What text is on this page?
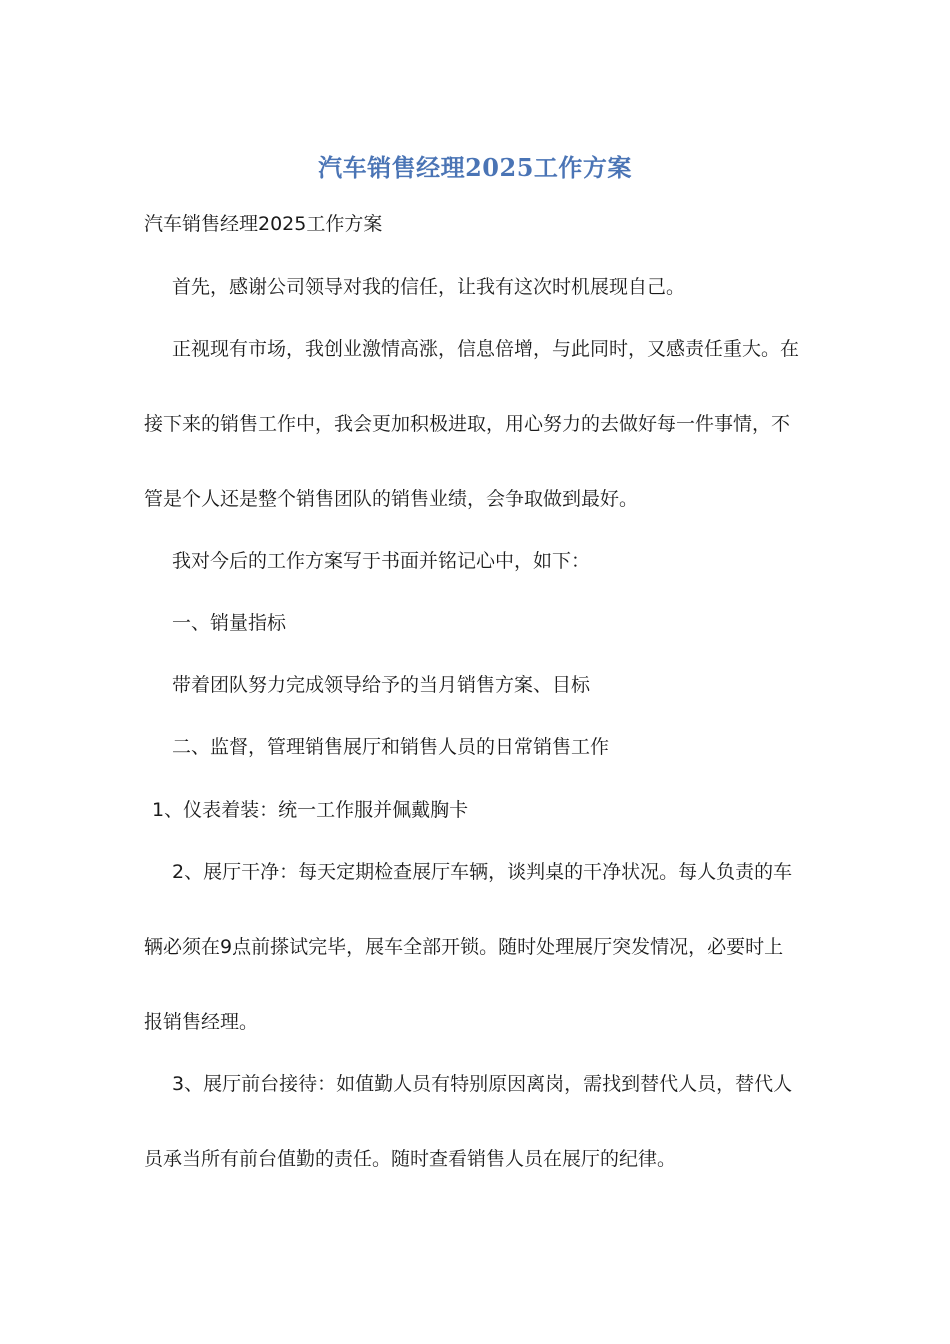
汽车销售经理2025工作方案
汽车销售经理2025工作方案
首先，感谢公司领导对我的信任，让我有这次时机展现自己。
正视现有市场，我创业激情高涨，信息倍增，与此同时，又感责任重大。在
接下来的销售工作中，我会更加积极进取，用心努力的去做好每一件事情，不
管是个人还是整个销售团队的销售业绩，会争取做到最好。
我对今后的工作方案写于书面并铭记心中，如下：
一、销量指标
带着团队努力完成领导给予的当月销售方案、目标
二、监督，管理销售展厅和销售人员的日常销售工作
1、仪表着装：统一工作服并佩戴胸卡
2、展厅干净：每天定期检查展厅车辆，谈判桌的干净状况。每人负责的车
辆必须在9点前搽试完毕，展车全部开锁。随时处理展厅突发情况，必要时上
报销售经理。
3、展厅前台接待：如值勤人员有特别原因离岗，需找到替代人员，替代人
员承当所有前台值勤的责任。随时查看销售人员在展厅的纪律。
